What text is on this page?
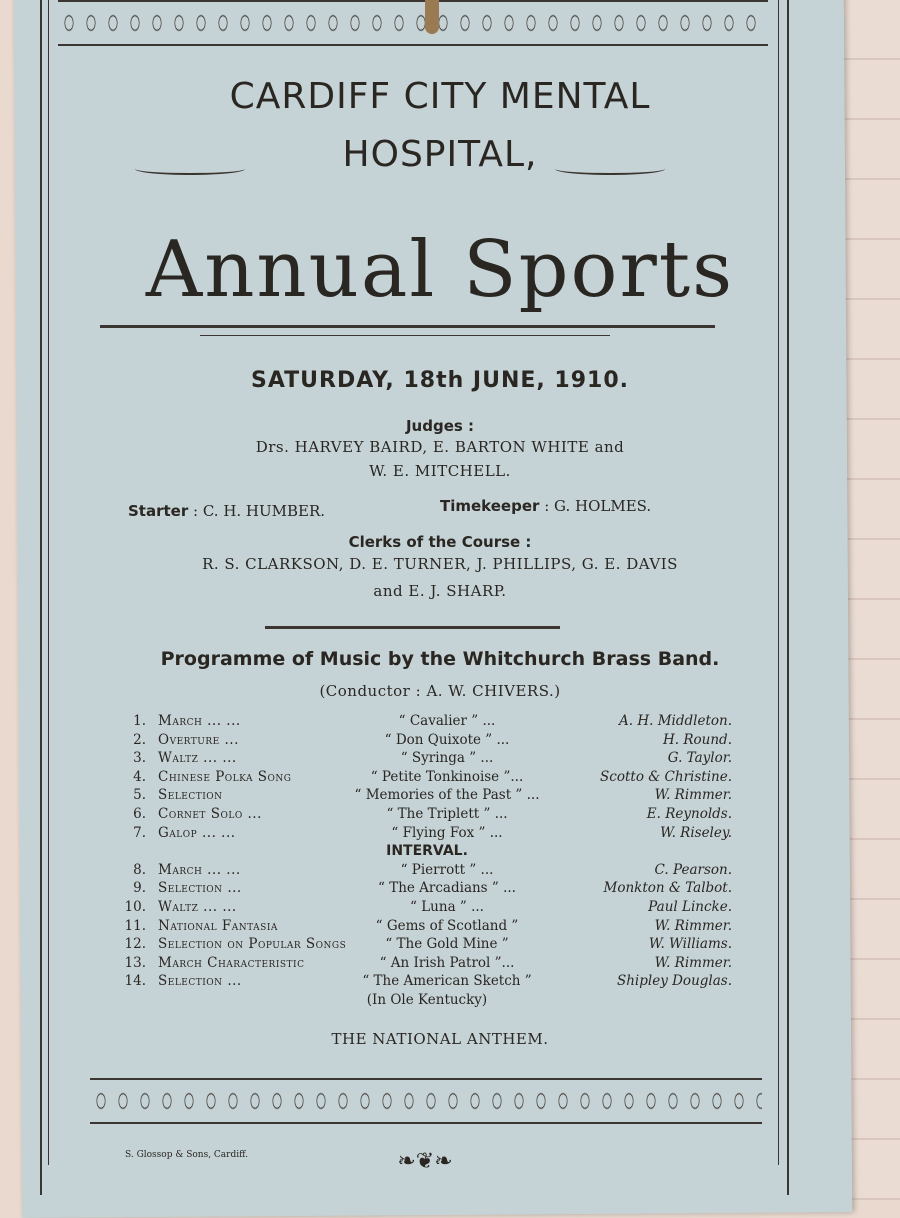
CARDIFF CITY MENTAL
HOSPITAL,
Annual Sports
SATURDAY, 18th JUNE, 1910.
Judges :
Drs. HARVEY BAIRD, E. BARTON WHITE and
W. E. MITCHELL.
Starter : C. H. HUMBER.	Timekeeper : G. HOLMES.
Clerks of the Course :
R. S. CLARKSON, D. E. TURNER, J. PHILLIPS, G. E. DAVIS
and E. J. SHARP.
Programme of Music by the Whitchurch Brass Band.
(Conductor : A. W. CHIVERS.)
1. March ... ...	“ Cavalier ” ...	A. H. Middleton.
2. Overture ...	“ Don Quixote ” ...	H. Round.
3. Waltz ... ...	“ Syringa ” ...	G. Taylor.
4. Chinese Polka Song	“ Petite Tonkinoise ”...	Scotto & Christine.
5. Selection	“ Memories of the Past ” ...	W. Rimmer.
6. Cornet Solo ...	“ The Triplett ” ...	E. Reynolds.
7. Galop ... ...	“ Flying Fox ” ...	W. Riseley.
INTERVAL.
8. March ... ...	“ Pierrott ” ...	C. Pearson.
9. Selection ...	“ The Arcadians ” ...	Monkton & Talbot.
10. Waltz ... ...	“ Luna ” ...	Paul Lincke.
11. National Fantasia	“ Gems of Scotland ”	W. Rimmer.
12. Selection on Popular Songs	“ The Gold Mine ”	W. Williams.
13. March Characteristic	“ An Irish Patrol ”...	W. Rimmer.
14. Selection ...	“ The American Sketch ”	Shipley Douglas.
(In Ole Kentucky)
THE NATIONAL ANTHEM.
S. Glossop & Sons, Cardiff.	❧❦❧
